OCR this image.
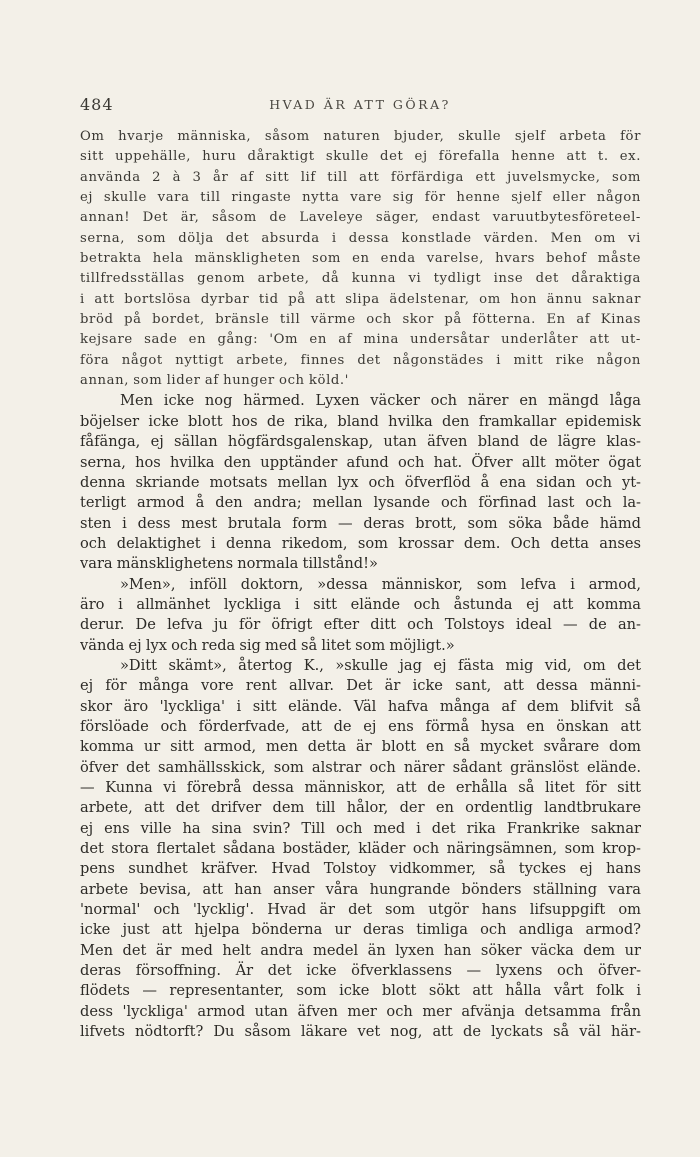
484	HVAD ÄR ATT GÖRA?
Om hvarje människa, såsom naturen bjuder, skulle sjelf arbeta för
sitt uppehälle, huru dåraktigt skulle det ej förefalla henne att t. ex.
använda 2 à 3 år af sitt lif till att förfärdiga ett juvelsmycke, som
ej skulle vara till ringaste nytta vare sig för henne sjelf eller någon
annan! Det är, såsom de Laveleye säger, endast varuutbytesföreteel-
serna, som dölja det absurda i dessa konstlade värden. Men om vi
betrakta hela mänskligheten som en enda varelse, hvars behof måste
tillfredsställas genom arbete, då kunna vi tydligt inse det dåraktiga
i att bortslösa dyrbar tid på att slipa ädelstenar, om hon ännu saknar
bröd på bordet, bränsle till värme och skor på fötterna. En af Kinas
kejsare sade en gång: 'Om en af mina undersåtar underlåter att ut-
föra något nyttigt arbete, finnes det någonstädes i mitt rike någon
annan, som lider af hunger och köld.'
Men icke nog härmed. Lyxen väcker och närer en mängd låga
böjelser icke blott hos de rika, bland hvilka den framkallar epidemisk
fåfänga, ej sällan högfärdsgalenskap, utan äfven bland de lägre klas-
serna, hos hvilka den upptänder afund och hat. Öfver allt möter ögat
denna skriande motsats mellan lyx och öfverflöd å ena sidan och yt-
terligt armod å den andra; mellan lysande och förfinad last och la-
sten i dess mest brutala form — deras brott, som söka både hämd
och delaktighet i denna rikedom, som krossar dem. Och detta anses
vara mänsklighetens normala tillstånd!»
»Men», inföll doktorn, »dessa människor, som lefva i armod,
äro i allmänhet lyckliga i sitt elände och åstunda ej att komma
derur. De lefva ju för öfrigt efter ditt och Tolstoys ideal — de an-
vända ej lyx och reda sig med så litet som möjligt.»
»Ditt skämt», återtog K., »skulle jag ej fästa mig vid, om det
ej för många vore rent allvar. Det är icke sant, att dessa männi-
skor äro 'lyckliga' i sitt elände. Väl hafva många af dem blifvit så
förslöade och förderfvade, att de ej ens förmå hysa en önskan att
komma ur sitt armod, men detta är blott en så mycket svårare dom
öfver det samhällsskick, som alstrar och närer sådant gränslöst elände.
— Kunna vi förebrå dessa människor, att de erhålla så litet för sitt
arbete, att det drifver dem till hålor, der en ordentlig landtbrukare
ej ens ville ha sina svin? Till och med i det rika Frankrike saknar
det stora flertalet sådana bostäder, kläder och näringsämnen, som krop-
pens sundhet kräfver. Hvad Tolstoy vidkommer, så tyckes ej hans
arbete bevisa, att han anser våra hungrande bönders ställning vara
'normal' och 'lycklig'. Hvad är det som utgör hans lifsuppgift om
icke just att hjelpa bönderna ur deras timliga och andliga armod?
Men det är med helt andra medel än lyxen han söker väcka dem ur
deras försoffning. Är det icke öfverklassens — lyxens och öfver-
flödets — representanter, som icke blott sökt att hålla vårt folk i
dess 'lyckliga' armod utan äfven mer och mer afvänja detsamma från
lifvets nödtorft? Du såsom läkare vet nog, att de lyckats så väl här-
